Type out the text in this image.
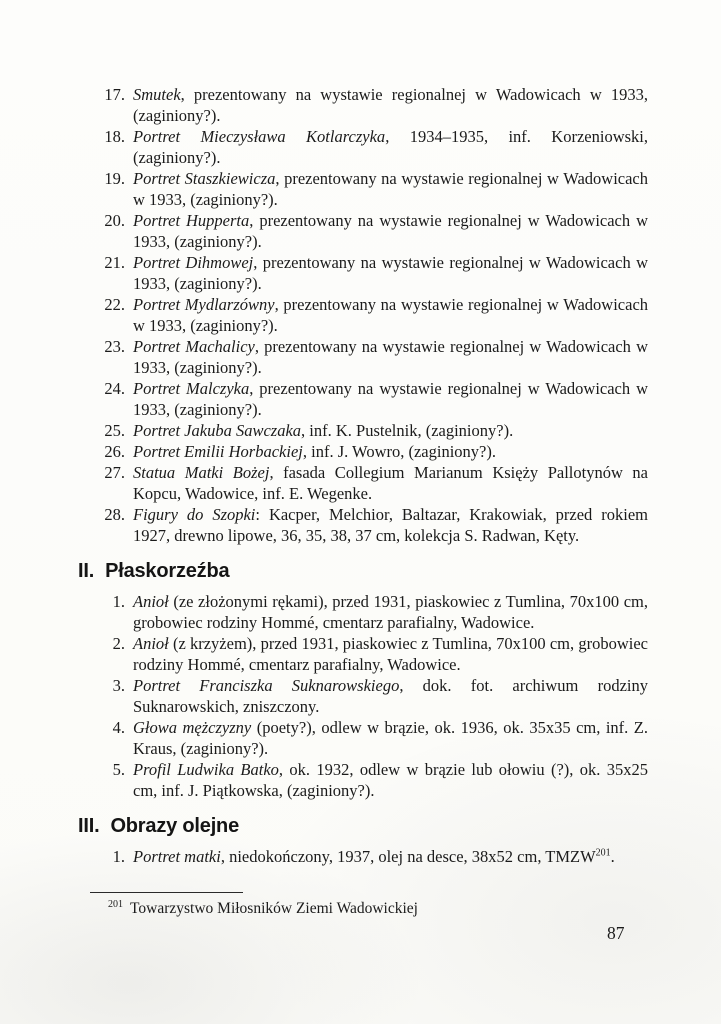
17. Smutek, prezentowany na wystawie regionalnej w Wadowicach w 1933, (zaginiony?).
18. Portret Mieczysława Kotlarczyka, 1934–1935, inf. Korzeniowski, (zaginiony?).
19. Portret Staszkiewicza, prezentowany na wystawie regionalnej w Wadowicach w 1933, (zaginiony?).
20. Portret Hupperta, prezentowany na wystawie regionalnej w Wadowicach w 1933, (zaginiony?).
21. Portret Dihmowej, prezentowany na wystawie regionalnej w Wadowicach w 1933, (zaginiony?).
22. Portret Mydlarzówny, prezentowany na wystawie regionalnej w Wadowicach w 1933, (zaginiony?).
23. Portret Machalicy, prezentowany na wystawie regionalnej w Wadowicach w 1933, (zaginiony?).
24. Portret Malczyka, prezentowany na wystawie regionalnej w Wadowicach w 1933, (zaginiony?).
25. Portret Jakuba Sawczaka, inf. K. Pustelnik, (zaginiony?).
26. Portret Emilii Horbackiej, inf. J. Wowro, (zaginiony?).
27. Statua Matki Bożej, fasada Collegium Marianum Księży Pallotynów na Kopcu, Wadowice, inf. E. Wegenke.
28. Figury do Szopki: Kacper, Melchior, Baltazar, Krakowiak, przed rokiem 1927, drewno lipowe, 36, 35, 38, 37 cm, kolekcja S. Radwan, Kęty.
II. Płaskorzeźba
1. Anioł (ze złożonymi rękami), przed 1931, piaskowiec z Tumlina, 70x100 cm, grobowiec rodziny Hommé, cmentarz parafialny, Wadowice.
2. Anioł (z krzyżem), przed 1931, piaskowiec z Tumlina, 70x100 cm, grobowiec rodziny Hommé, cmentarz parafialny, Wadowice.
3. Portret Franciszka Suknarowskiego, dok. fot. archiwum rodziny Suknarowskich, zniszczony.
4. Głowa mężczyzny (poety?), odlew w brązie, ok. 1936, ok. 35x35 cm, inf. Z. Kraus, (zaginiony?).
5. Profil Ludwika Batko, ok. 1932, odlew w brązie lub ołowiu (?), ok. 35x25 cm, inf. J. Piątkowska, (zaginiony?).
III. Obrazy olejne
1. Portret matki, niedokończony, 1937, olej na desce, 38x52 cm, TMZW$^{201}$.
$^{201}$ Towarzystwo Miłosników Ziemi Wadowickiej
87
